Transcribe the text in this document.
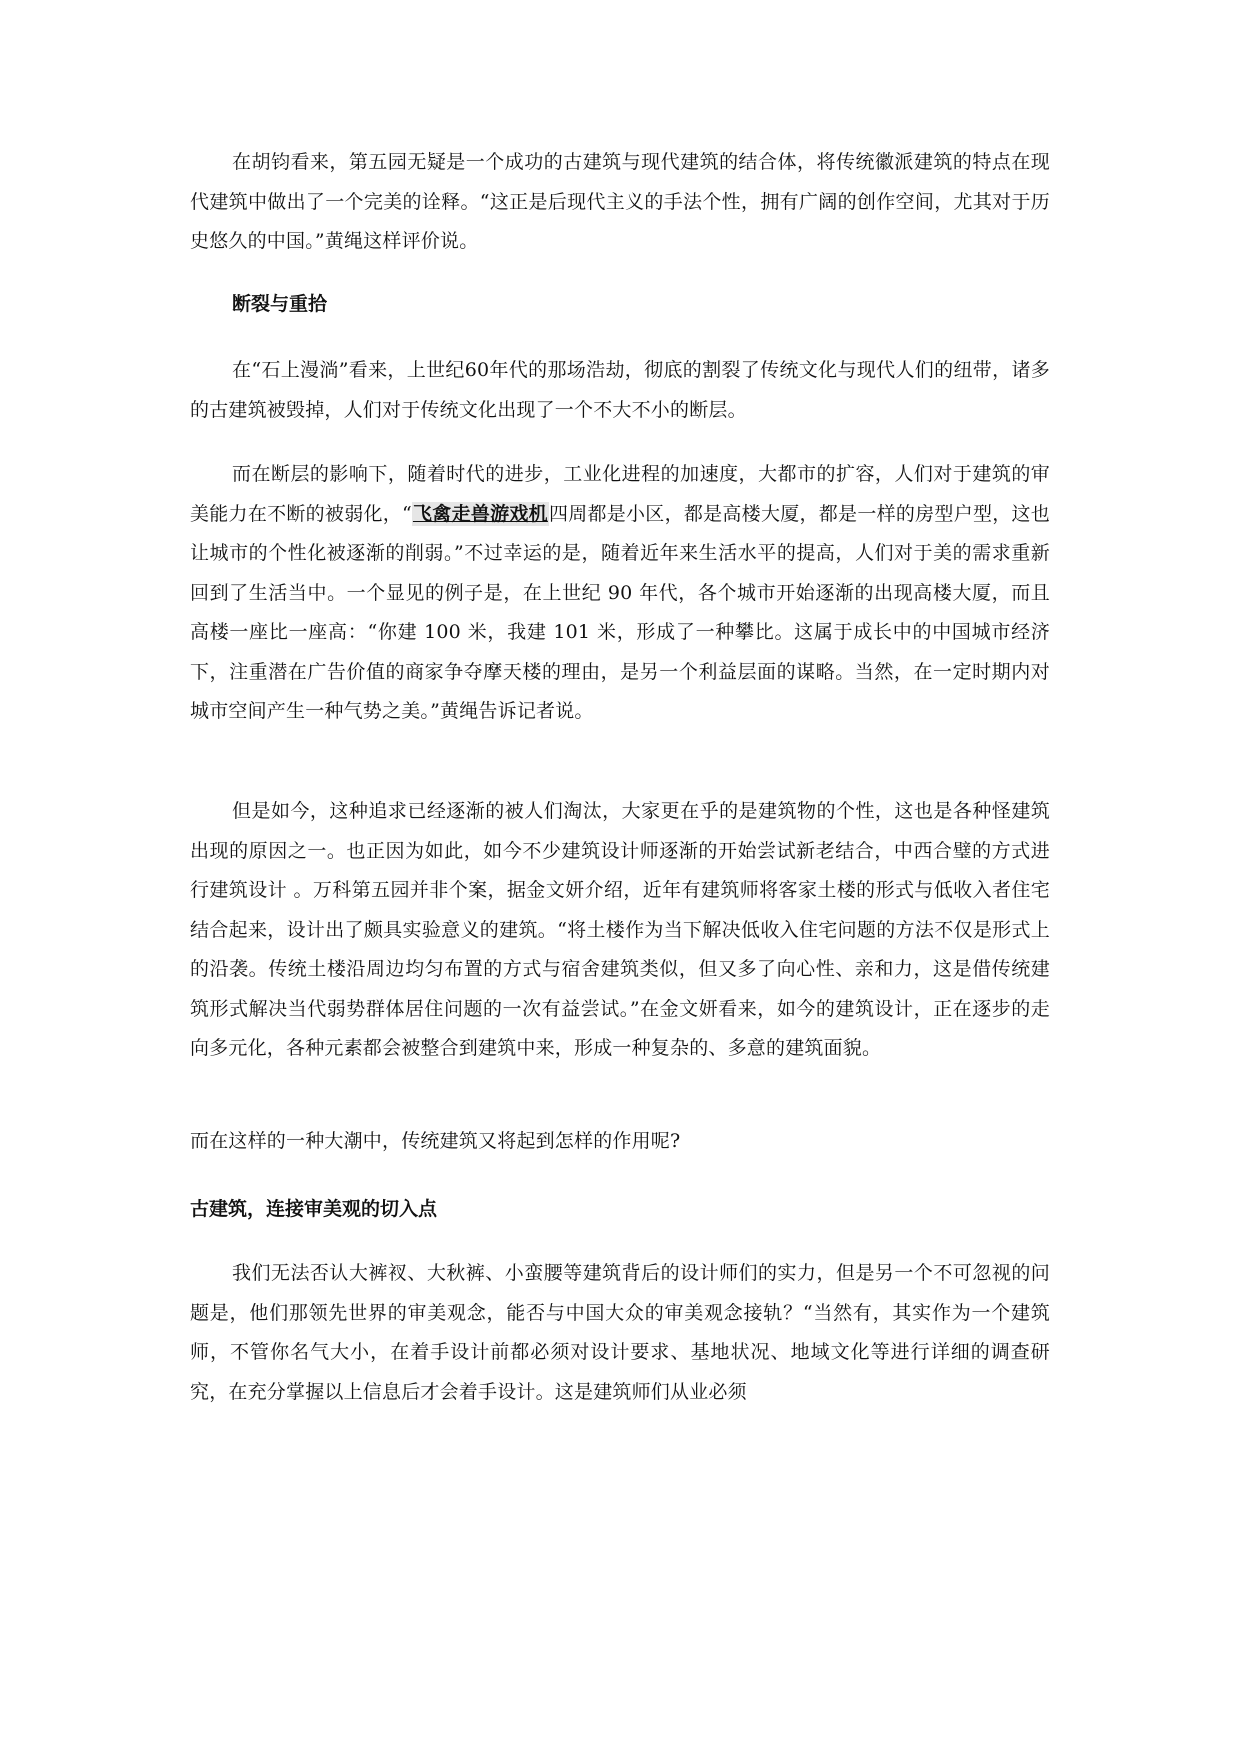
在胡钧看来，第五园无疑是一个成功的古建筑与现代建筑的结合体，将传统徽派建筑的特点在现代建筑中做出了一个完美的诠释。“这正是后现代主义的手法个性，拥有广阔的创作空间，尤其对于历史悠久的中国。”黄绳这样评价说。

断裂与重拾

在“石上漫淌”看来，上世纪60年代的那场浩劫，彻底的割裂了传统文化与现代人们的纽带，诸多的古建筑被毁掉，人们对于传统文化出现了一个不大不小的断层。

而在断层的影响下，随着时代的进步，工业化进程的加速度，大都市的扩容，人们对于建筑的审美能力在不断的被弱化，“飞禽走兽游戏机四周都是小区，都是高楼大厦，都是一样的房型户型，这也让城市的个性化被逐渐的削弱。”不过幸运的是，随着近年来生活水平的提高，人们对于美的需求重新回到了生活当中。一个显见的例子是，在上世纪 90 年代，各个城市开始逐渐的出现高楼大厦，而且高楼一座比一座高：“你建 100 米，我建 101 米，形成了一种攀比。这属于成长中的中国城市经济下，注重潜在广告价值的商家争夺摩天楼的理由，是另一个利益层面的谋略。当然，在一定时期内对城市空间产生一种气势之美。”黄绳告诉记者说。

但是如今，这种追求已经逐渐的被人们淘汰，大家更在乎的是建筑物的个性，这也是各种怪建筑出现的原因之一。也正因为如此，如今不少建筑设计师逐渐的开始尝试新老结合，中西合璧的方式进行建筑设计 。万科第五园并非个案，据金文妍介绍，近年有建筑师将客家土楼的形式与低收入者住宅结合起来，设计出了颇具实验意义的建筑。“将土楼作为当下解决低收入住宅问题的方法不仅是形式上的沿袭。传统土楼沿周边均匀布置的方式与宿舍建筑类似，但又多了向心性、亲和力，这是借传统建筑形式解决当代弱势群体居住问题的一次有益尝试。”在金文妍看来，如今的建筑设计，正在逐步的走向多元化，各种元素都会被整合到建筑中来，形成一种复杂的、多意的建筑面貌。

而在这样的一种大潮中，传统建筑又将起到怎样的作用呢?

古建筑，连接审美观的切入点

我们无法否认大裤衩、大秋裤、小蛮腰等建筑背后的设计师们的实力，但是另一个不可忽视的问题是，他们那领先世界的审美观念，能否与中国大众的审美观念接轨？“当然有，其实作为一个建筑师，不管你名气大小，在着手设计前都必须对设计要求、基地状况、地域文化等进行详细的调查研究，在充分掌握以上信息后才会着手设计。这是建筑师们从业必须
